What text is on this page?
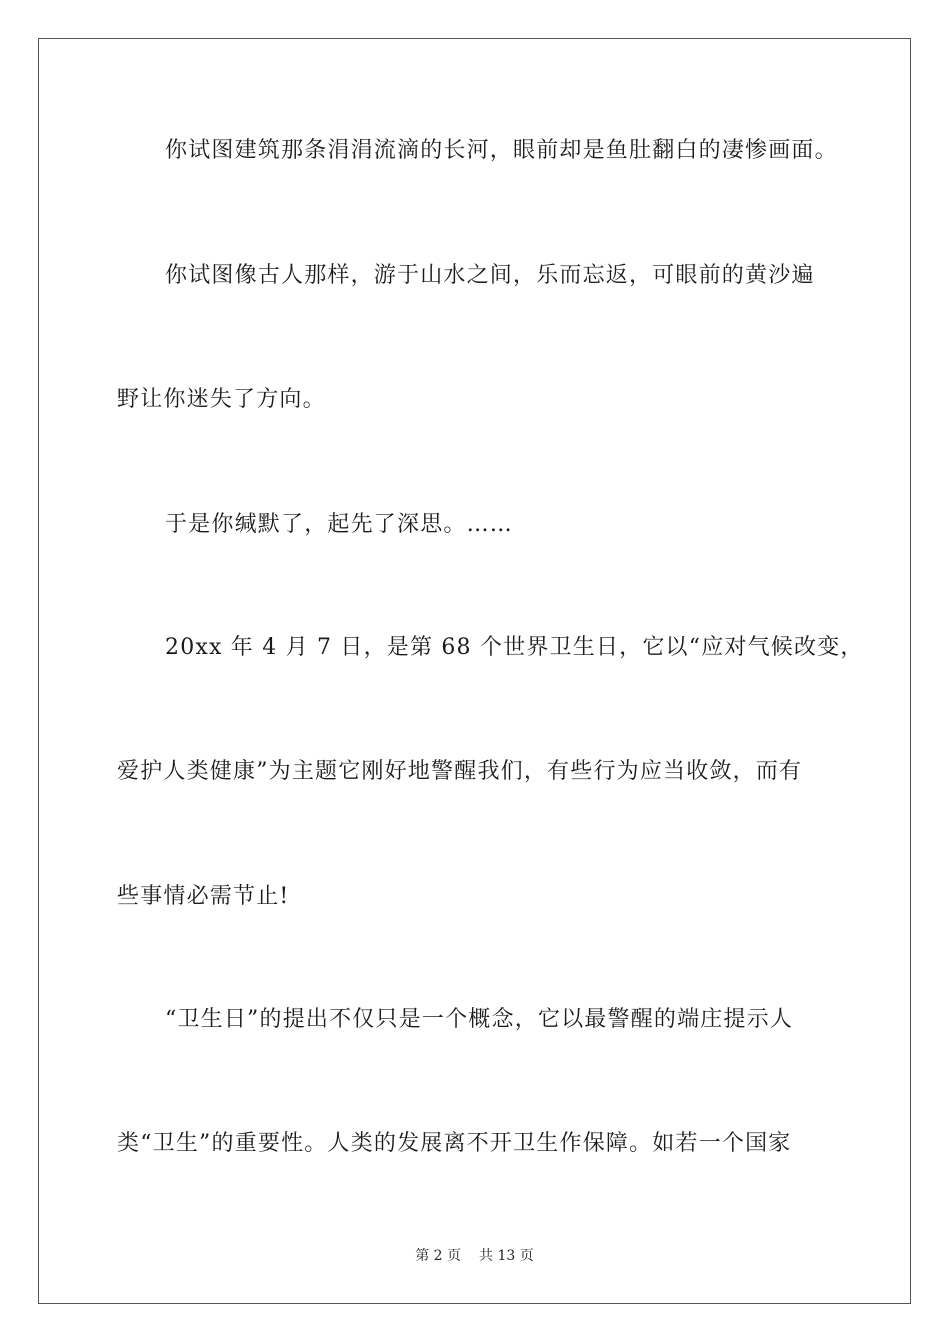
你试图建筑那条涓涓流滴的长河，眼前却是鱼肚翻白的凄惨画面。
你试图像古人那样，游于山水之间，乐而忘返，可眼前的黄沙遍
野让你迷失了方向。
于是你缄默了，起先了深思。……
20xx 年 4 月 7 日，是第 68 个世界卫生日，它以“应对气候改变，
爱护人类健康”为主题它刚好地警醒我们，有些行为应当收敛，而有
些事情必需节止!
“卫生日”的提出不仅只是一个概念，它以最警醒的端庄提示人
类“卫生”的重要性。人类的发展离不开卫生作保障。如若一个国家
第 2 页 共 13 页
